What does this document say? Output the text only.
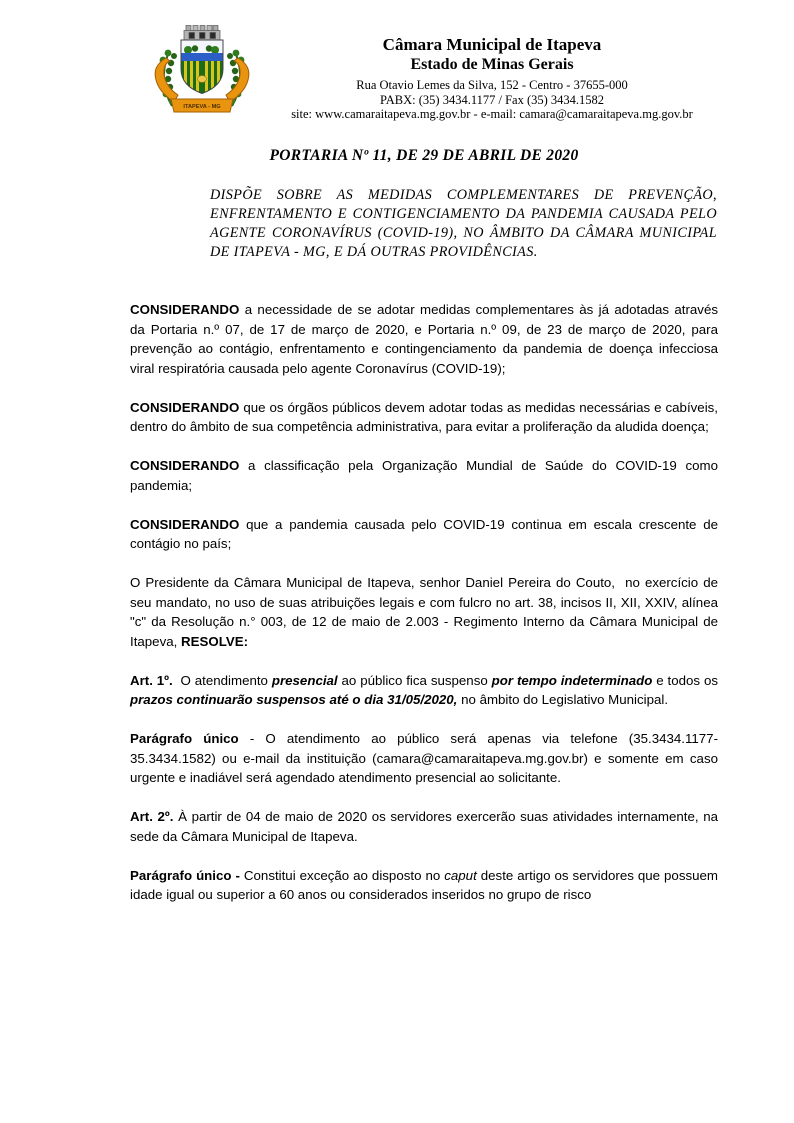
ITAPEVA - MG
Câmara Municipal de Itapeva
Estado de Minas Gerais
Rua Otavio Lemes da Silva, 152 - Centro - 37655-000
PABX: (35) 3434.1177 / Fax (35) 3434.1582
site: www.camaraitapeva.mg.gov.br - e-mail: camara@camaraitapeva.mg.gov.br
PORTARIA Nº 11, DE 29 DE ABRIL DE 2020

DISPÕE SOBRE AS MEDIDAS COMPLEMENTARES DE PREVENÇÃO, ENFRENTAMENTO E CONTIGENCIAMENTO DA PANDEMIA CAUSADA PELO AGENTE CORONAVÍRUS (COVID-19), NO ÂMBITO DA CÂMARA MUNICIPAL DE ITAPEVA - MG, E DÁ OUTRAS PROVIDÊNCIAS.

CONSIDERANDO a necessidade de se adotar medidas complementares às já adotadas através da Portaria n.º 07, de 17 de março de 2020, e Portaria n.º 09, de 23 de março de 2020, para prevenção ao contágio, enfrentamento e contingenciamento da pandemia de doença infecciosa viral respiratória causada pelo agente Coronavírus (COVID-19);

CONSIDERANDO que os órgãos públicos devem adotar todas as medidas necessárias e cabíveis, dentro do âmbito de sua competência administrativa, para evitar a proliferação da aludida doença;

CONSIDERANDO a classificação pela Organização Mundial de Saúde do COVID-19 como pandemia;

CONSIDERANDO que a pandemia causada pelo COVID-19 continua em escala crescente de contágio no país;

O Presidente da Câmara Municipal de Itapeva, senhor Daniel Pereira do Couto,  no exercício de seu mandato, no uso de suas atribuições legais e com fulcro no art. 38, incisos II, XII, XXIV, alínea "c" da Resolução n.° 003, de 12 de maio de 2.003 - Regimento Interno da Câmara Municipal de Itapeva, RESOLVE:

Art. 1º.  O atendimento presencial ao público fica suspenso por tempo indeterminado e todos os prazos continuarão suspensos até o dia 31/05/2020, no âmbito do Legislativo Municipal.

Parágrafo único - O atendimento ao público será apenas via telefone (35.3434.1177-35.3434.1582) ou e-mail da instituição (camara@camaraitapeva.mg.gov.br) e somente em caso urgente e inadiável será agendado atendimento presencial ao solicitante.

Art. 2º. À partir de 04 de maio de 2020 os servidores exercerão suas atividades internamente, na sede da Câmara Municipal de Itapeva.

Parágrafo único - Constitui exceção ao disposto no caput deste artigo os servidores que possuem idade igual ou superior a 60 anos ou considerados inseridos no grupo de risco
